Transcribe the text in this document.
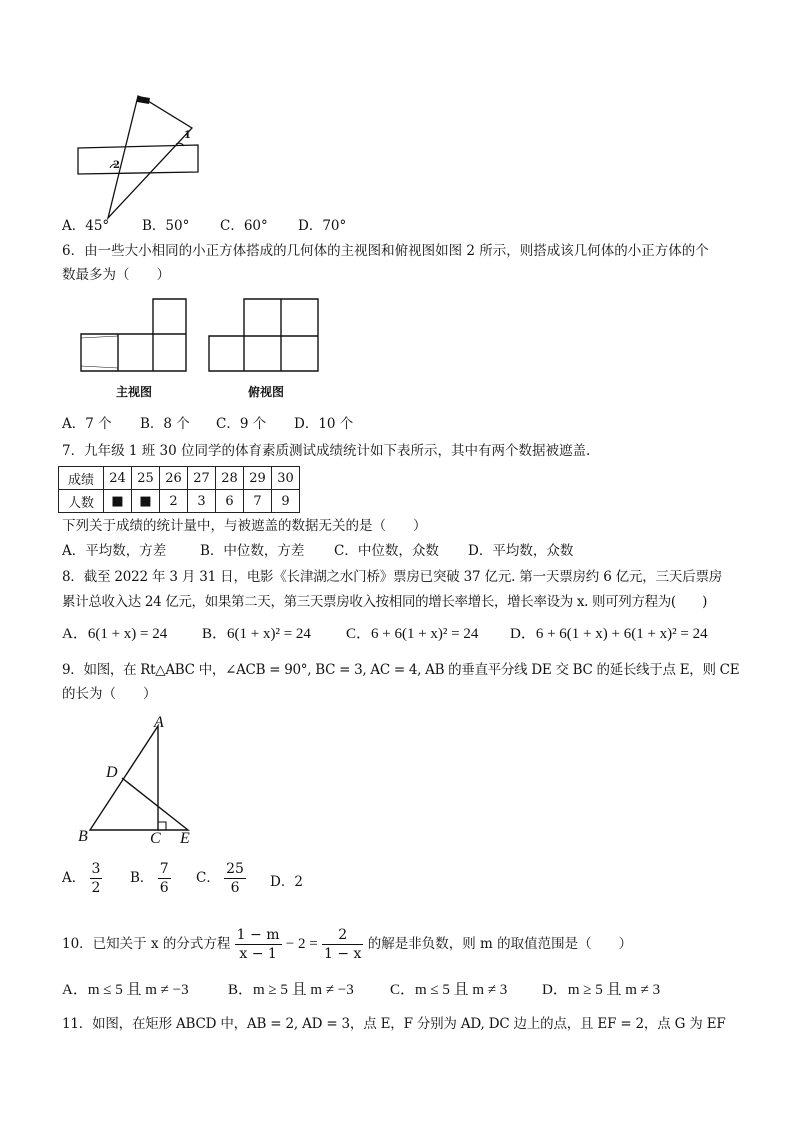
1
2
A．45° B．50° C．60° D．70°
6．由一些大小相同的小正方体搭成的几何体的主视图和俯视图如图 2 所示，则搭成该几何体的小正方体的个
数最多为（　　）
主视图	俯视图
A．7 个 B．8 个 C．9 个 D．10 个
7．九年级 1 班 30 位同学的体育素质测试成绩统计如下表所示，其中有两个数据被遮盖.
成绩	24	25	26	27	28	29	30
人数	■	■	2	3	6	7	9
下列关于成绩的统计量中，与被遮盖的数据无关的是（　　）
A．平均数，方差	B．中位数，方差 C．中位数，众数 D．平均数，众数
8．截至 2022 年 3 月 31 日，电影《长津湖之水门桥》票房已突破 37 亿元. 第一天票房约 6 亿元，三天后票房
累计总收入达 24 亿元，如果第二天，第三天票房收入按相同的增长率增长，增长率设为 x. 则可列方程为(　　)
A．6(1 + x) = 24 B．6(1 + x)² = 24 C．6 + 6(1 + x)² = 24 D．6 + 6(1 + x) + 6(1 + x)² = 24
9．如图，在 Rt△ABC 中，∠ACB = 90°, BC = 3, AC = 4, AB 的垂直平分线 DE 交 BC 的延长线于点 E，则 CE
的长为（　　）
A
D
B	C E
A． $\frac{3}{2}$ B． $\frac{7}{6}$ C． $\frac{25}{6}$ D．2
10．已知关于 x 的分式方程 $\frac{1 - m}{x - 1} - 2 = \frac{2}{1 - x}$ 的解是非负数，则 m 的取值范围是（　　）
A．m ≤ 5 且 m ≠ −3	B．m ≥ 5 且 m ≠ −3 C．m ≤ 5 且 m ≠ 3 D．m ≥ 5 且 m ≠ 3
11．如图，在矩形 ABCD 中，AB = 2, AD = 3，点 E，F 分别为 AD, DC 边上的点，且 EF = 2，点 G 为 EF
